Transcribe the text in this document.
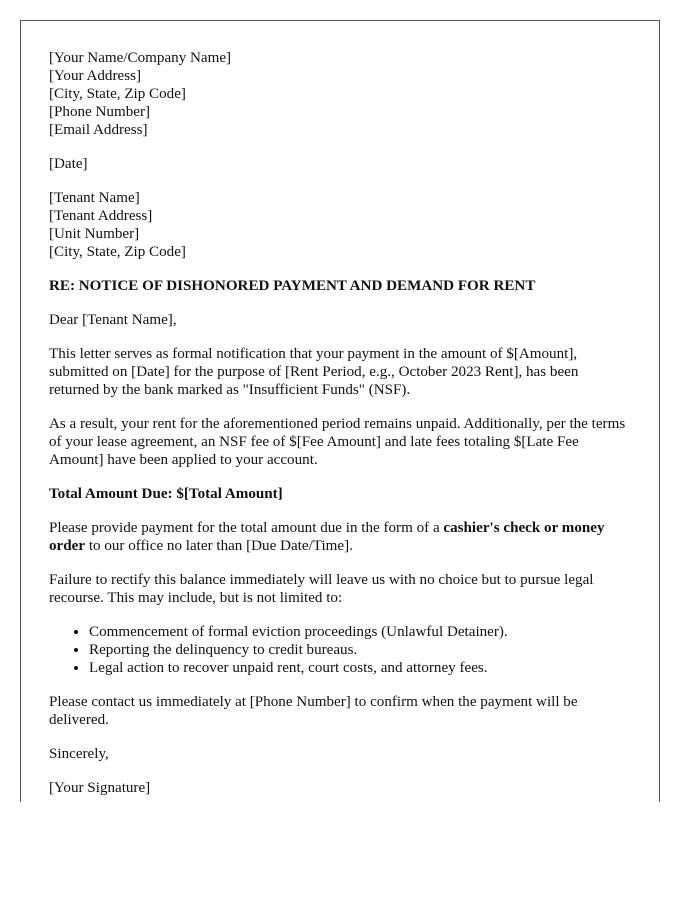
[Your Name/Company Name]
[Your Address]
[City, State, Zip Code]
[Phone Number]
[Email Address]

[Date]

[Tenant Name]
[Tenant Address]
[Unit Number]
[City, State, Zip Code]

RE: NOTICE OF DISHONORED PAYMENT AND DEMAND FOR RENT

Dear [Tenant Name],

This letter serves as formal notification that your payment in the amount of $[Amount], submitted on [Date] for the purpose of [Rent Period, e.g., October 2023 Rent], has been returned by the bank marked as "Insufficient Funds" (NSF).

As a result, your rent for the aforementioned period remains unpaid. Additionally, per the terms of your lease agreement, an NSF fee of $[Fee Amount] and late fees totaling $[Late Fee Amount] have been applied to your account.

Total Amount Due: $[Total Amount]

Please provide payment for the total amount due in the form of a cashier's check or money order to our office no later than [Due Date/Time].

Failure to rectify this balance immediately will leave us with no choice but to pursue legal recourse. This may include, but is not limited to:

• Commencement of formal eviction proceedings (Unlawful Detainer).
• Reporting the delinquency to credit bureaus.
• Legal action to recover unpaid rent, court costs, and attorney fees.

Please contact us immediately at [Phone Number] to confirm when the payment will be delivered.

Sincerely,

[Your Signature]
